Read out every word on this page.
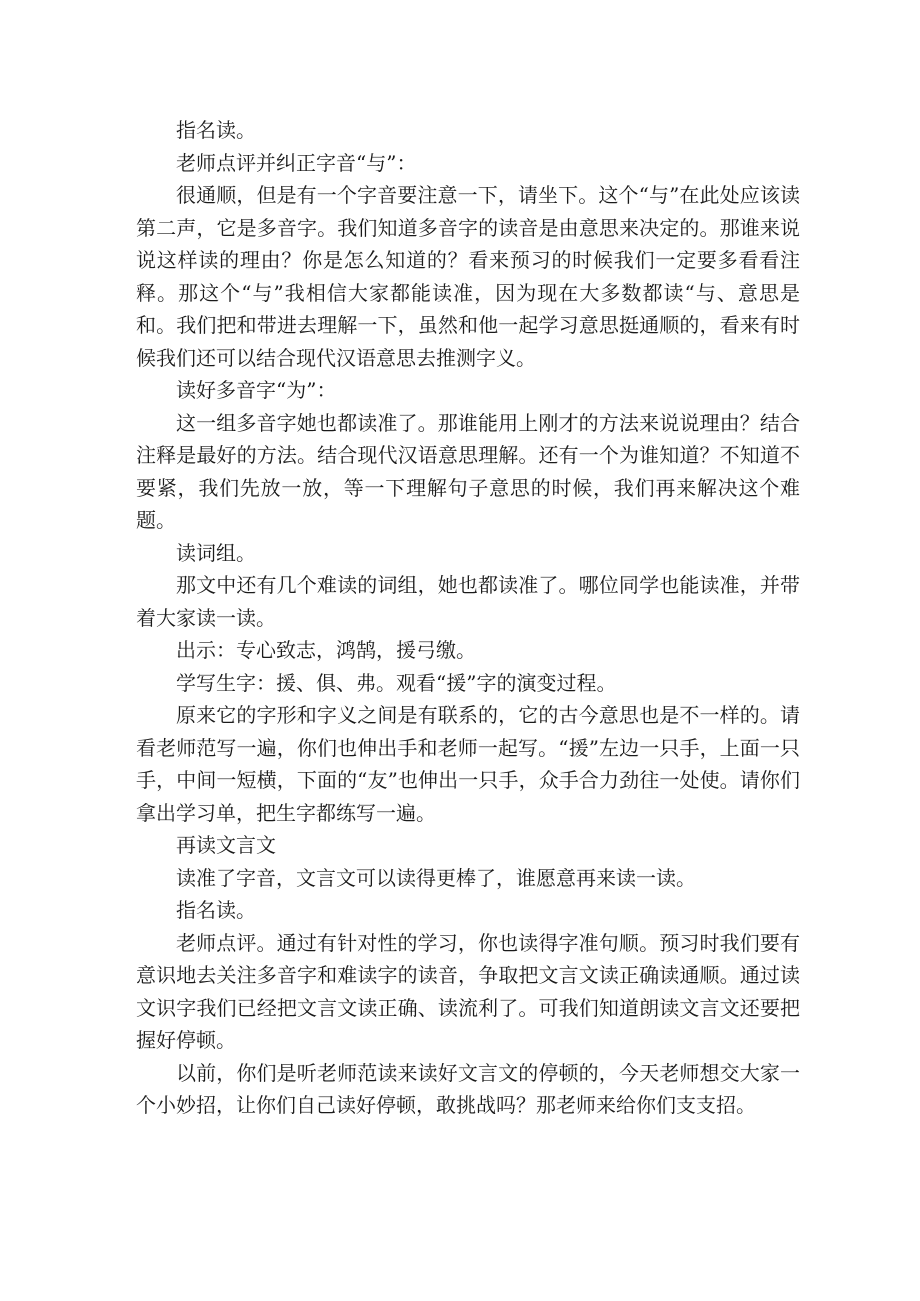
指名读。

老师点评并纠正字音“与”：

很通顺，但是有一个字音要注意一下，请坐下。这个“与”在此处应该读第二声，它是多音字。我们知道多音字的读音是由意思来决定的。那谁来说说这样读的理由？你是怎么知道的？看来预习的时候我们一定要多看看注释。那这个“与”我相信大家都能读准，因为现在大多数都读“与、意思是和。我们把和带进去理解一下，虽然和他一起学习意思挺通顺的，看来有时候我们还可以结合现代汉语意思去推测字义。

读好多音字“为”：

这一组多音字她也都读准了。那谁能用上刚才的方法来说说理由？结合注释是最好的方法。结合现代汉语意思理解。还有一个为谁知道？不知道不要紧，我们先放一放，等一下理解句子意思的时候，我们再来解决这个难题。

读词组。

那文中还有几个难读的词组，她也都读准了。哪位同学也能读准，并带着大家读一读。

出示：专心致志，鸿鹄，援弓缴。

学写生字：援、俱、弗。观看“援”字的演变过程。

原来它的字形和字义之间是有联系的，它的古今意思也是不一样的。请看老师范写一遍，你们也伸出手和老师一起写。“援”左边一只手，上面一只手，中间一短横，下面的“友”也伸出一只手，众手合力劲往一处使。请你们拿出学习单，把生字都练写一遍。

再读文言文

读准了字音，文言文可以读得更棒了，谁愿意再来读一读。

指名读。

老师点评。通过有针对性的学习，你也读得字准句顺。预习时我们要有意识地去关注多音字和难读字的读音，争取把文言文读正确读通顺。通过读文识字我们已经把文言文读正确、读流利了。可我们知道朗读文言文还要把握好停顿。

以前，你们是听老师范读来读好文言文的停顿的，今天老师想交大家一个小妙招，让你们自己读好停顿，敢挑战吗？那老师来给你们支支招。
